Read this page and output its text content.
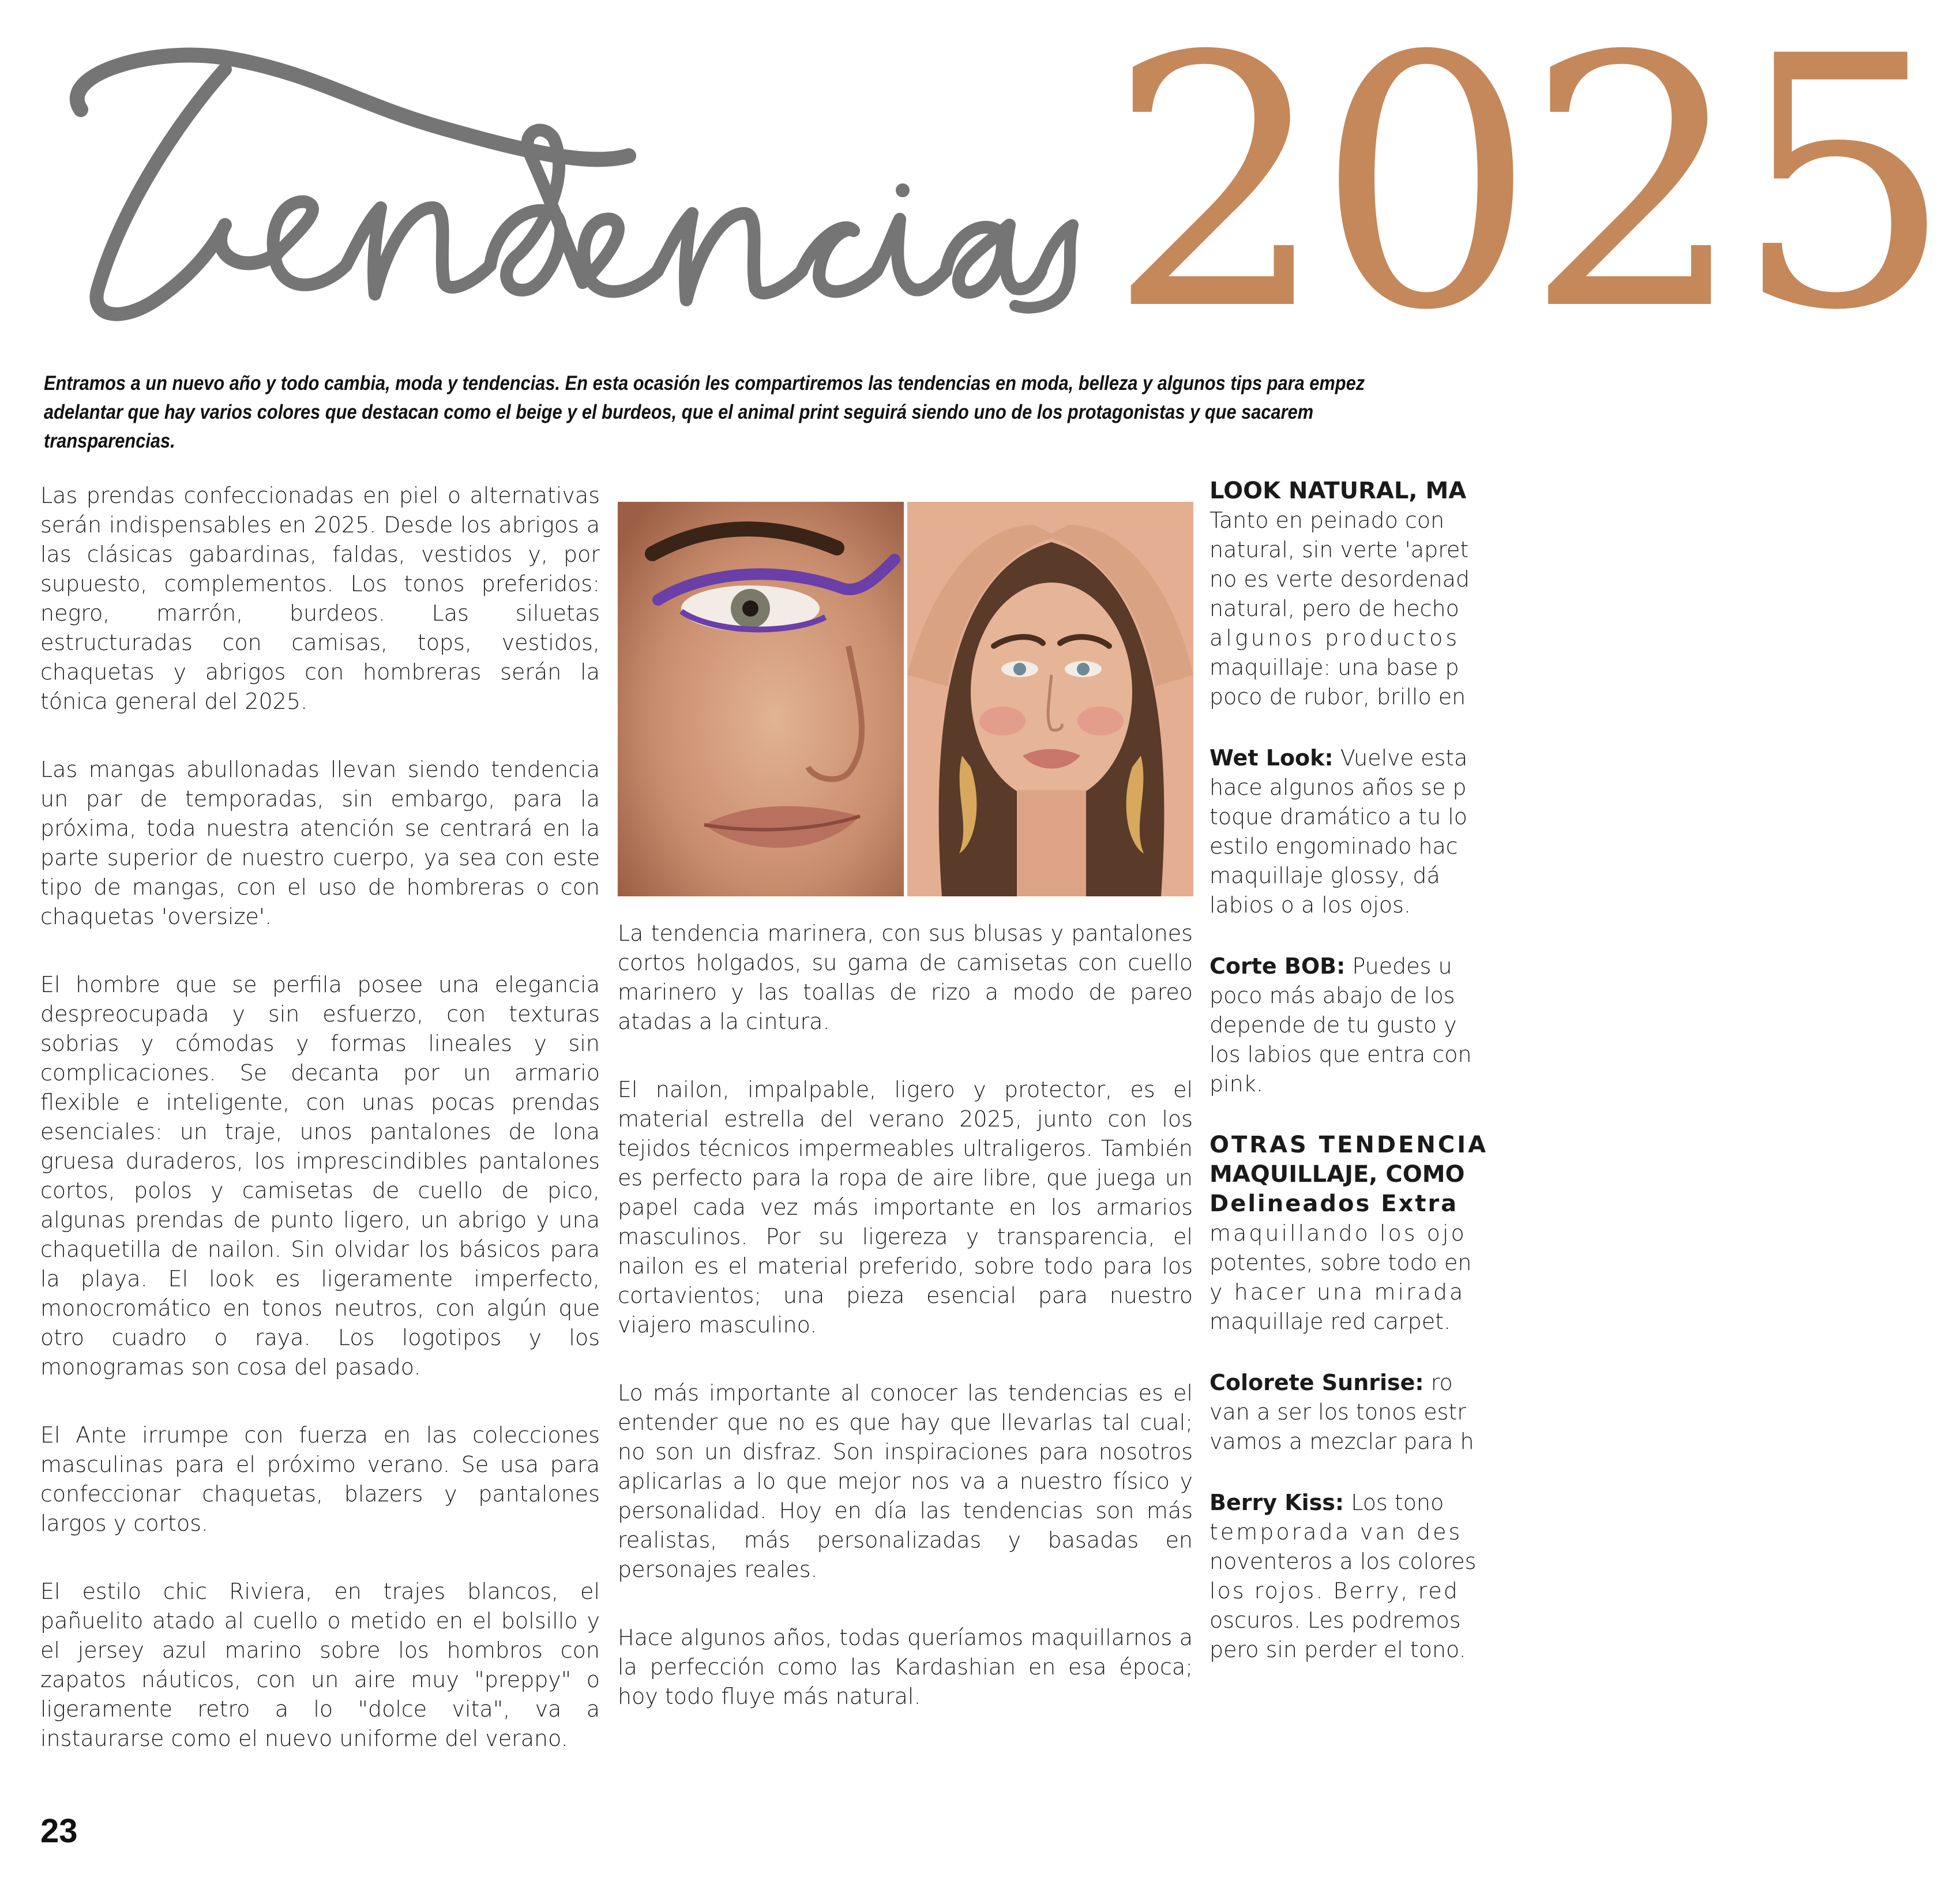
2025
Entramos a un nuevo año y todo cambia, moda y tendencias. En esta ocasión les compartiremos las tendencias en moda, belleza y algunos tips para empez
adelantar que hay varios colores que destacan como el beige y el burdeos, que el animal print seguirá siendo uno de los protagonistas y que sacarem
transparencias.

Las prendas confeccionadas en piel o alternativas serán indispensables en 2025. Desde los abrigos a las clásicas gabardinas, faldas, vestidos y, por supuesto, complementos. Los tonos preferidos: negro, marrón, burdeos. Las siluetas estructuradas con camisas, tops, vestidos, chaquetas y abrigos con hombreras serán la tónica general del 2025.

Las mangas abullonadas llevan siendo tendencia un par de temporadas, sin embargo, para la próxima, toda nuestra atención se centrará en la parte superior de nuestro cuerpo, ya sea con este tipo de mangas, con el uso de hombreras o con chaquetas 'oversize'.

El hombre que se perfila posee una elegancia despreocupada y sin esfuerzo, con texturas sobrias y cómodas y formas lineales y sin complicaciones. Se decanta por un armario flexible e inteligente, con unas pocas prendas esenciales: un traje, unos pantalones de lona gruesa duraderos, los imprescindibles pantalones cortos, polos y camisetas de cuello de pico, algunas prendas de punto ligero, un abrigo y una chaquetilla de nailon. Sin olvidar los básicos para la playa. El look es ligeramente imperfecto, monocromático en tonos neutros, con algún que otro cuadro o raya. Los logotipos y los monogramas son cosa del pasado.

El Ante irrumpe con fuerza en las colecciones masculinas para el próximo verano. Se usa para confeccionar chaquetas, blazers y pantalones largos y cortos.

El estilo chic Riviera, en trajes blancos, el pañuelito atado al cuello o metido en el bolsillo y el jersey azul marino sobre los hombros con zapatos náuticos, con un aire muy "preppy" o ligeramente retro a lo "dolce vita", va a instaurarse como el nuevo uniforme del verano.

La tendencia marinera, con sus blusas y pantalones cortos holgados, su gama de camisetas con cuello marinero y las toallas de rizo a modo de pareo atadas a la cintura.

El nailon, impalpable, ligero y protector, es el material estrella del verano 2025, junto con los tejidos técnicos impermeables ultraligeros. También es perfecto para la ropa de aire libre, que juega un papel cada vez más importante en los armarios masculinos. Por su ligereza y transparencia, el nailon es el material preferido, sobre todo para los cortavientos; una pieza esencial para nuestro viajero masculino.

Lo más importante al conocer las tendencias es el entender que no es que hay que llevarlas tal cual; no son un disfraz. Son inspiraciones para nosotros aplicarlas a lo que mejor nos va a nuestro físico y personalidad. Hoy en día las tendencias son más realistas, más personalizadas y basadas en personajes reales.

Hace algunos años, todas queríamos maquillarnos a la perfección como las Kardashian en esa época; hoy todo fluye más natural.

LOOK NATURAL, MA

Tanto en peinado con
natural, sin verte 'apret
no es verte desordenad
natural, pero de hecho
algunos productos
maquillaje: una base p
poco de rubor, brillo en

Wet Look: Vuelve esta
hace algunos años se p
toque dramático a tu lo
estilo engominado hac
maquillaje glossy, dá
labios o a los ojos.

Corte BOB: Puedes u
poco más abajo de los
depende de tu gusto y
los labios que entra con
pink.

OTRAS TENDENCIA
MAQUILLAJE, COMO

Delineados Extra
maquillando los ojo
potentes, sobre todo en
y hacer una mirada
maquillaje red carpet.

Colorete Sunrise: ro
van a ser los tonos estr
vamos a mezclar para h

Berry Kiss: Los tono
temporada van des
noventeros a los colores
los rojos. Berry, red
oscuros. Les podremos
pero sin perder el tono.

23
